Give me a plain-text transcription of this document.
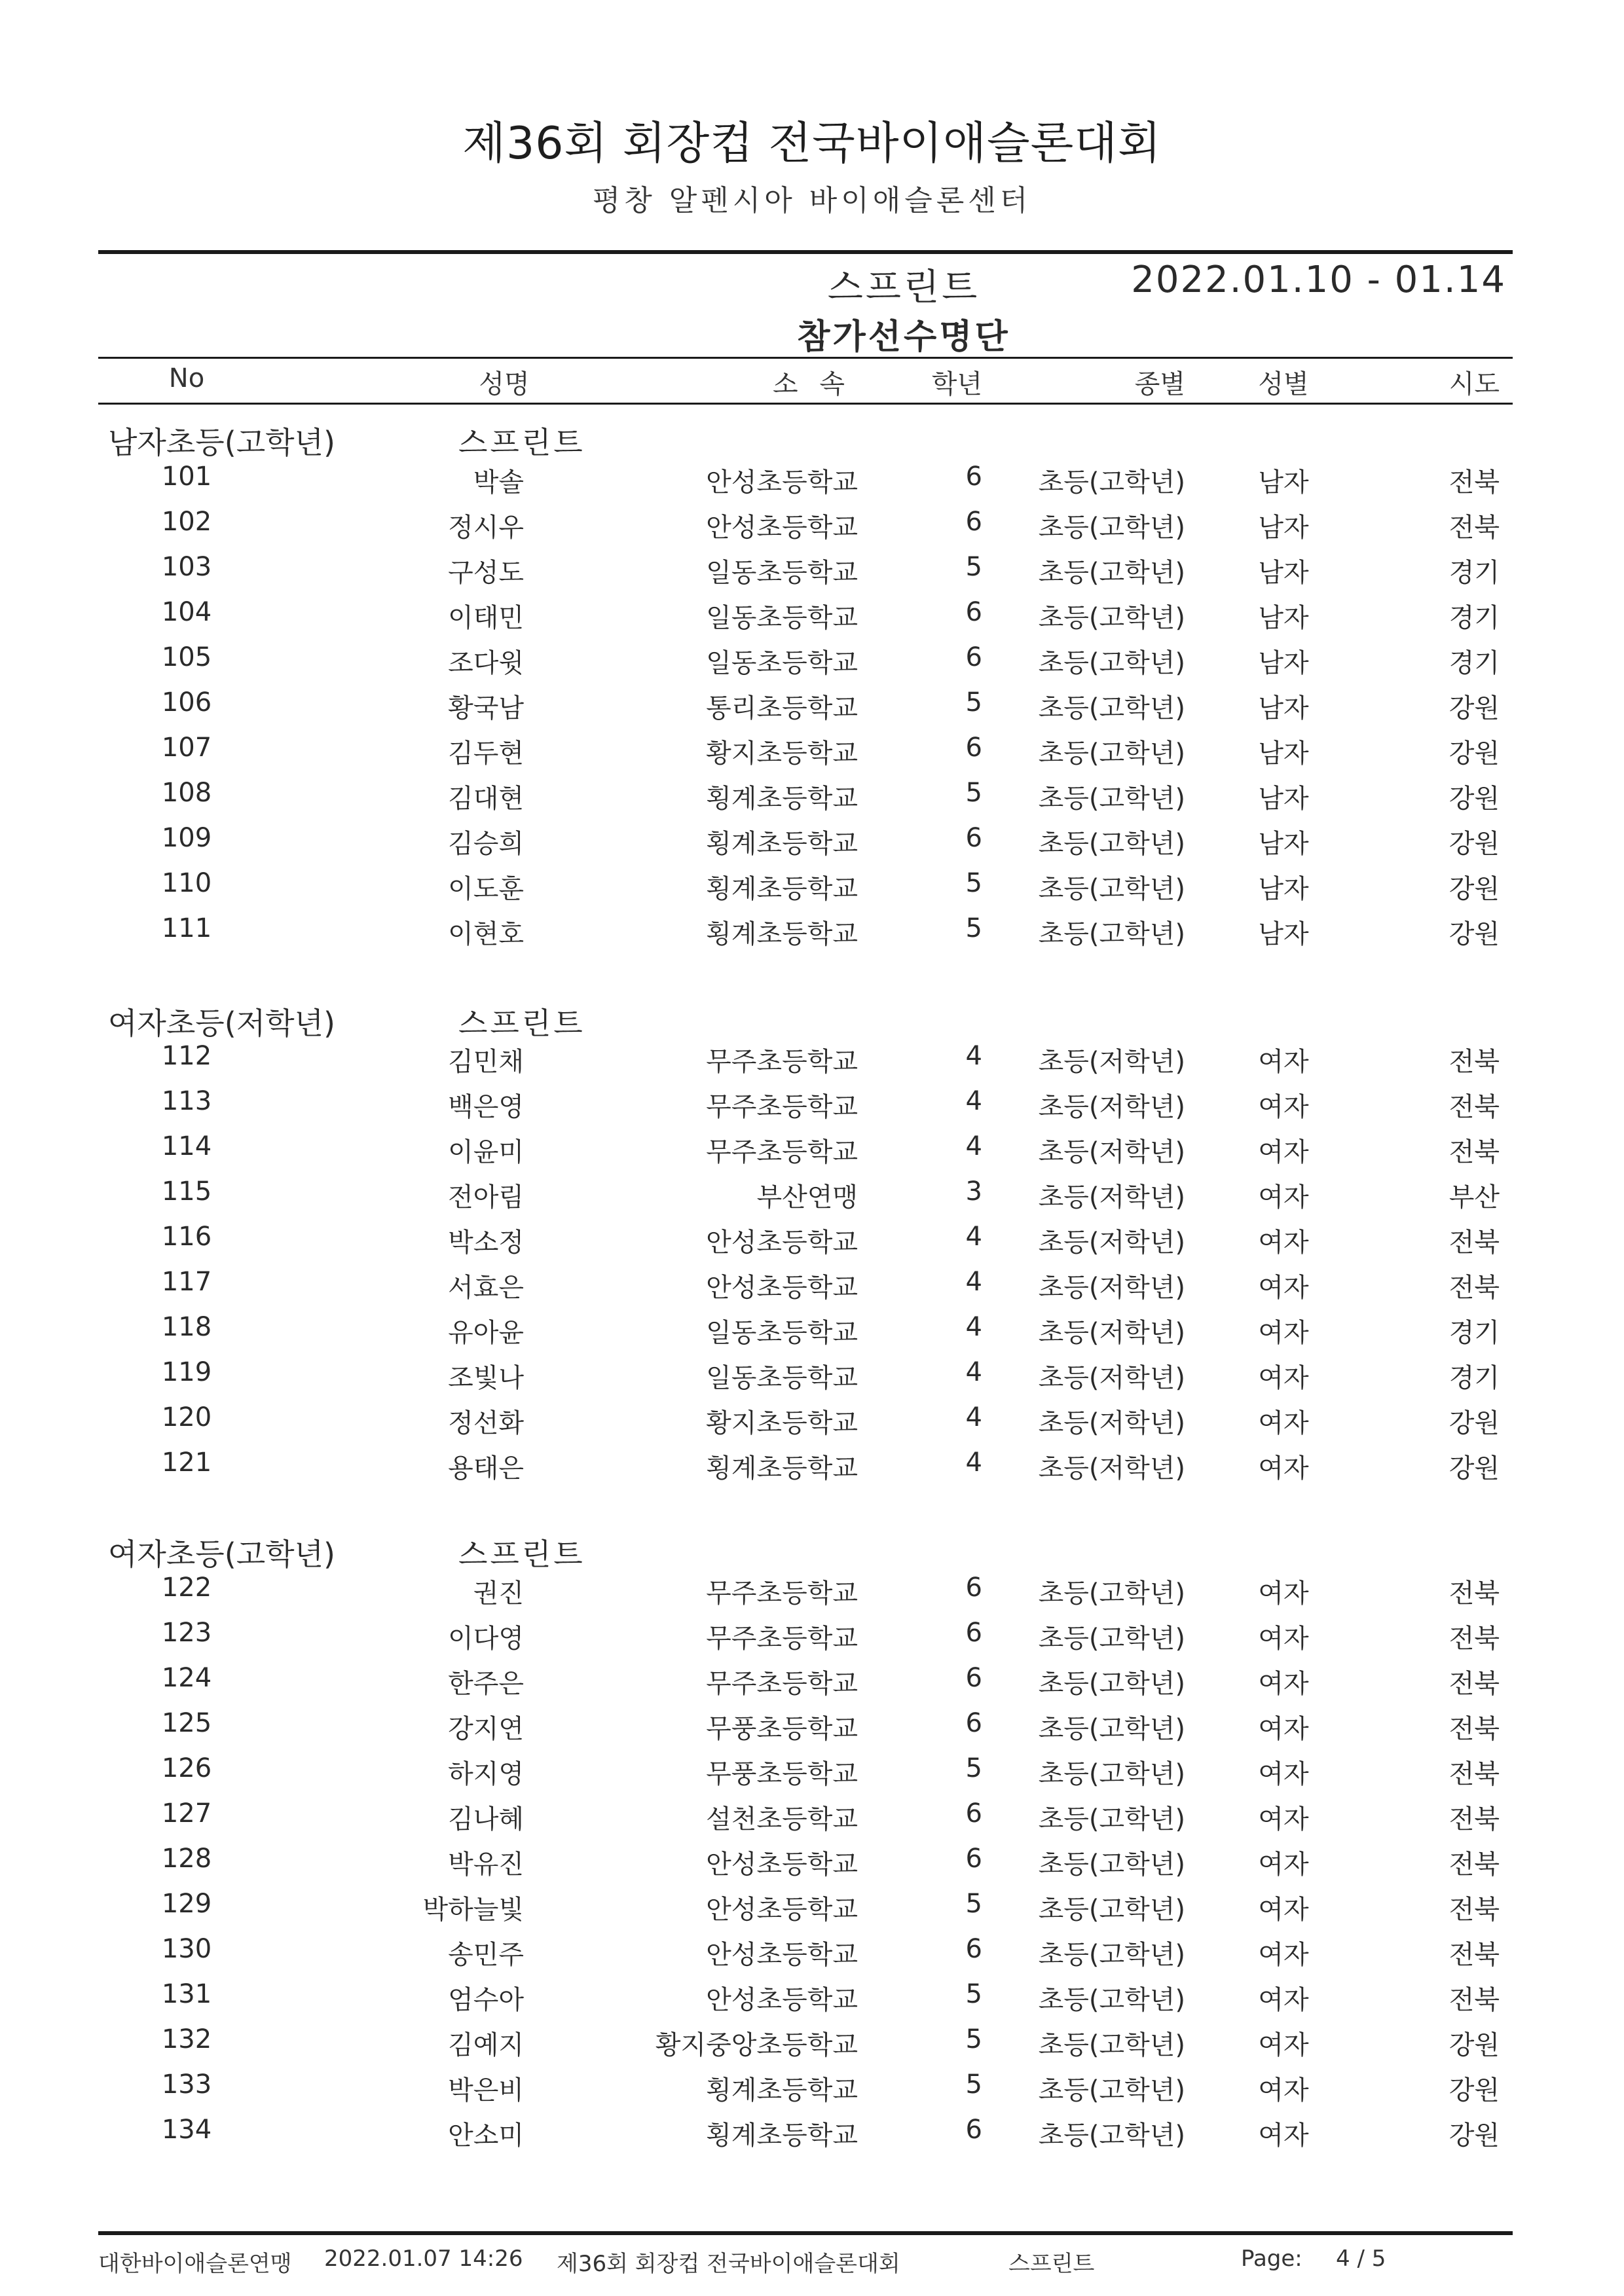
제36회 회장컵 전국바이애슬론대회
평창 알펜시아 바이애슬론센터
스프린트	2022.01.10 - 01.14
참가선수명단
No	성명	소 속	학년	종별	성별	시도
남자초등(고학년)	스프린트
101	박솔	안성초등학교	6	초등(고학년)	남자	전북
102	정시우	안성초등학교	6	초등(고학년)	남자	전북
103	구성도	일동초등학교	5	초등(고학년)	남자	경기
104	이태민	일동초등학교	6	초등(고학년)	남자	경기
105	조다윗	일동초등학교	6	초등(고학년)	남자	경기
106	황국남	통리초등학교	5	초등(고학년)	남자	강원
107	김두현	황지초등학교	6	초등(고학년)	남자	강원
108	김대현	횡계초등학교	5	초등(고학년)	남자	강원
109	김승희	횡계초등학교	6	초등(고학년)	남자	강원
110	이도훈	횡계초등학교	5	초등(고학년)	남자	강원
111	이현호	횡계초등학교	5	초등(고학년)	남자	강원
여자초등(저학년)	스프린트
112	김민채	무주초등학교	4	초등(저학년)	여자	전북
113	백은영	무주초등학교	4	초등(저학년)	여자	전북
114	이윤미	무주초등학교	4	초등(저학년)	여자	전북
115	전아림	부산연맹	3	초등(저학년)	여자	부산
116	박소정	안성초등학교	4	초등(저학년)	여자	전북
117	서효은	안성초등학교	4	초등(저학년)	여자	전북
118	유아윤	일동초등학교	4	초등(저학년)	여자	경기
119	조빛나	일동초등학교	4	초등(저학년)	여자	경기
120	정선화	황지초등학교	4	초등(저학년)	여자	강원
121	용태은	횡계초등학교	4	초등(저학년)	여자	강원
여자초등(고학년)	스프린트
122	권진	무주초등학교	6	초등(고학년)	여자	전북
123	이다영	무주초등학교	6	초등(고학년)	여자	전북
124	한주은	무주초등학교	6	초등(고학년)	여자	전북
125	강지연	무풍초등학교	6	초등(고학년)	여자	전북
126	하지영	무풍초등학교	5	초등(고학년)	여자	전북
127	김나혜	설천초등학교	6	초등(고학년)	여자	전북
128	박유진	안성초등학교	6	초등(고학년)	여자	전북
129	박하늘빛	안성초등학교	5	초등(고학년)	여자	전북
130	송민주	안성초등학교	6	초등(고학년)	여자	전북
131	엄수아	안성초등학교	5	초등(고학년)	여자	전북
132	김예지	황지중앙초등학교	5	초등(고학년)	여자	강원
133	박은비	횡계초등학교	5	초등(고학년)	여자	강원
134	안소미	횡계초등학교	6	초등(고학년)	여자	강원
대한바이애슬론연맹 2022.01.07 14:26 제36회 회장컵 전국바이애슬론대회	스프린트	Page: 4 / 5
